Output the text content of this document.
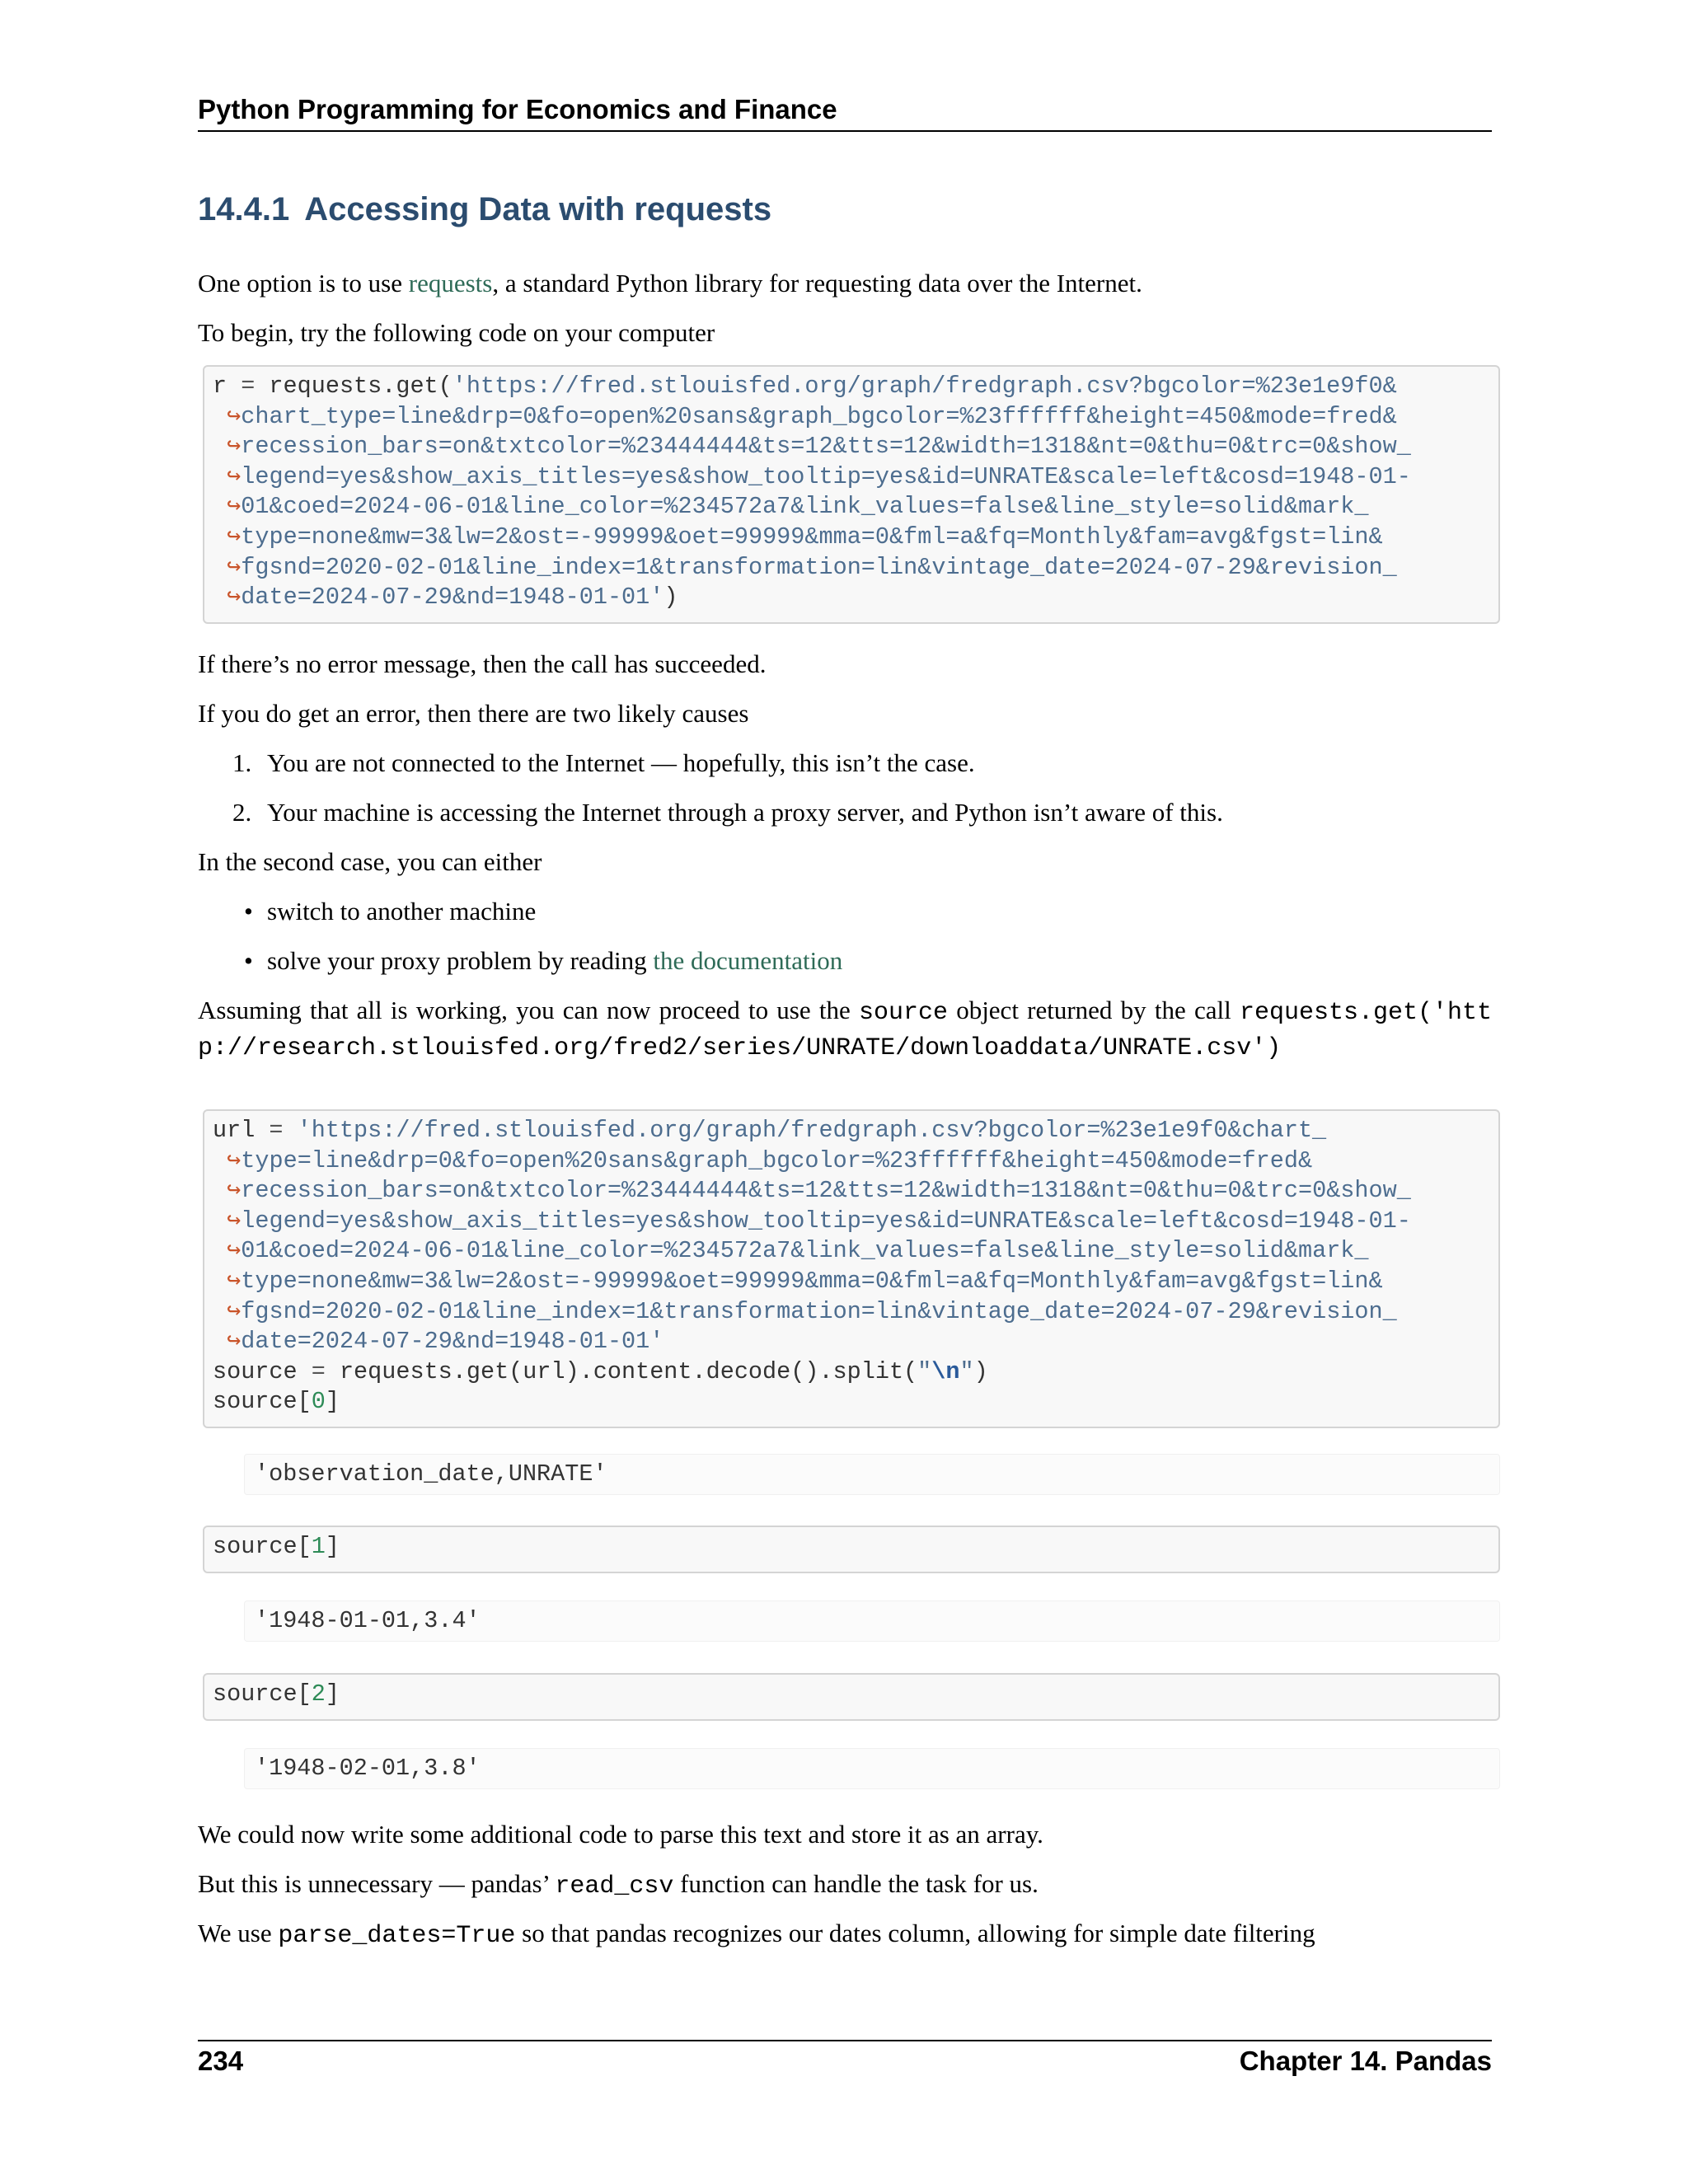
Python Programming for Economics and Finance
14.4.1 Accessing Data with requests

One option is to use requests, a standard Python library for requesting data over the Internet.

To begin, try the following code on your computer

r = requests.get('https://fred.stlouisfed.org/graph/fredgraph.csv?bgcolor=%23e1e9f0&
↪chart_type=line&drp=0&fo=open%20sans&graph_bgcolor=%23ffffff&height=450&mode=fred&
↪recession_bars=on&txtcolor=%23444444&ts=12&tts=12&width=1318&nt=0&thu=0&trc=0&show_
↪legend=yes&show_axis_titles=yes&show_tooltip=yes&id=UNRATE&scale=left&cosd=1948-01-
↪01&coed=2024-06-01&line_color=%234572a7&link_values=false&line_style=solid&mark_
↪type=none&mw=3&lw=2&ost=-99999&oet=99999&mma=0&fml=a&fq=Monthly&fam=avg&fgst=lin&
↪fgsnd=2020-02-01&line_index=1&transformation=lin&vintage_date=2024-07-29&revision_
↪date=2024-07-29&nd=1948-01-01')

If there’s no error message, then the call has succeeded.

If you do get an error, then there are two likely causes

1. You are not connected to the Internet — hopefully, this isn’t the case.
2. Your machine is accessing the Internet through a proxy server, and Python isn’t aware of this.

In the second case, you can either

• switch to another machine
• solve your proxy problem by reading the documentation

Assuming that all is working, you can now proceed to use the source object returned by the call requests.get('http://research.stlouisfed.org/fred2/series/UNRATE/downloaddata/UNRATE.csv')

url = 'https://fred.stlouisfed.org/graph/fredgraph.csv?bgcolor=%23e1e9f0&chart_
↪type=line&drp=0&fo=open%20sans&graph_bgcolor=%23ffffff&height=450&mode=fred&
↪recession_bars=on&txtcolor=%23444444&ts=12&tts=12&width=1318&nt=0&thu=0&trc=0&show_
↪legend=yes&show_axis_titles=yes&show_tooltip=yes&id=UNRATE&scale=left&cosd=1948-01-
↪01&coed=2024-06-01&line_color=%234572a7&link_values=false&line_style=solid&mark_
↪type=none&mw=3&lw=2&ost=-99999&oet=99999&mma=0&fml=a&fq=Monthly&fam=avg&fgst=lin&
↪fgsnd=2020-02-01&line_index=1&transformation=lin&vintage_date=2024-07-29&revision_
↪date=2024-07-29&nd=1948-01-01'
source = requests.get(url).content.decode().split("\n")
source[0]
'observation_date,UNRATE'
source[1]
'1948-01-01,3.4'
source[2]
'1948-02-01,3.8'

We could now write some additional code to parse this text and store it as an array.

But this is unnecessary — pandas’ read_csv function can handle the task for us.

We use parse_dates=True so that pandas recognizes our dates column, allowing for simple date filtering

234	Chapter 14. Pandas
